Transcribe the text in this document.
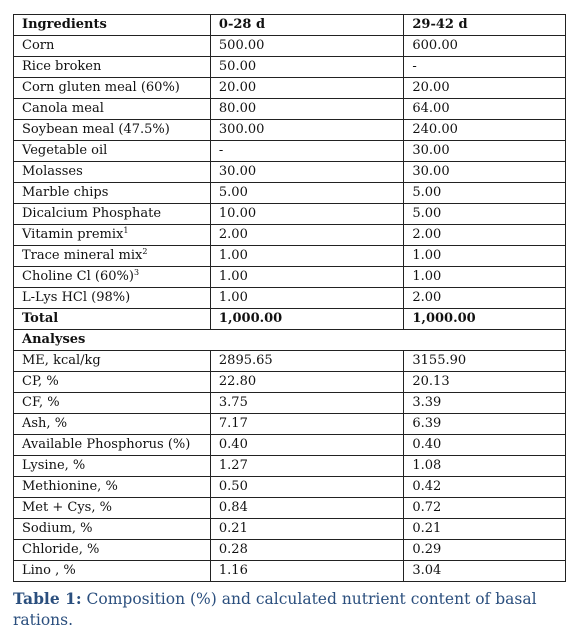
Ingredients	0-28 d	29-42 d
Corn	500.00	600.00
Rice broken	50.00	-
Corn gluten meal (60%)	20.00	20.00
Canola meal	80.00	64.00
Soybean meal (47.5%)	300.00	240.00
Vegetable oil	-	30.00
Molasses	30.00	30.00
Marble chips	5.00	5.00
Dicalcium Phosphate	10.00	5.00
Vitamin premix$^1$	2.00	2.00
Trace mineral mix$^2$	1.00	1.00
Choline Cl $(60\%)^3$	1.00	1.00
L-Lys HCl (98%)	1.00	2.00
Total	1,000.00	1,000.00
Analyses		
ME, kcal/kg	2895.65	3155.90
CP, %	22.80	20.13
CF, %	3.75	3.39
Ash, %	7.17	6.39
Available Phosphorus (%)	0.40	0.40
Lysine, %	1.27	1.08
Methionine, %	0.50	0.42
Met + Cys, %	0.84	0.72
Sodium, %	0.21	0.21
Chloride, %	0.28	0.29
Lino , %	1.16	3.04
Table 1: Composition (%) and calculated nutrient content of basal rations.
